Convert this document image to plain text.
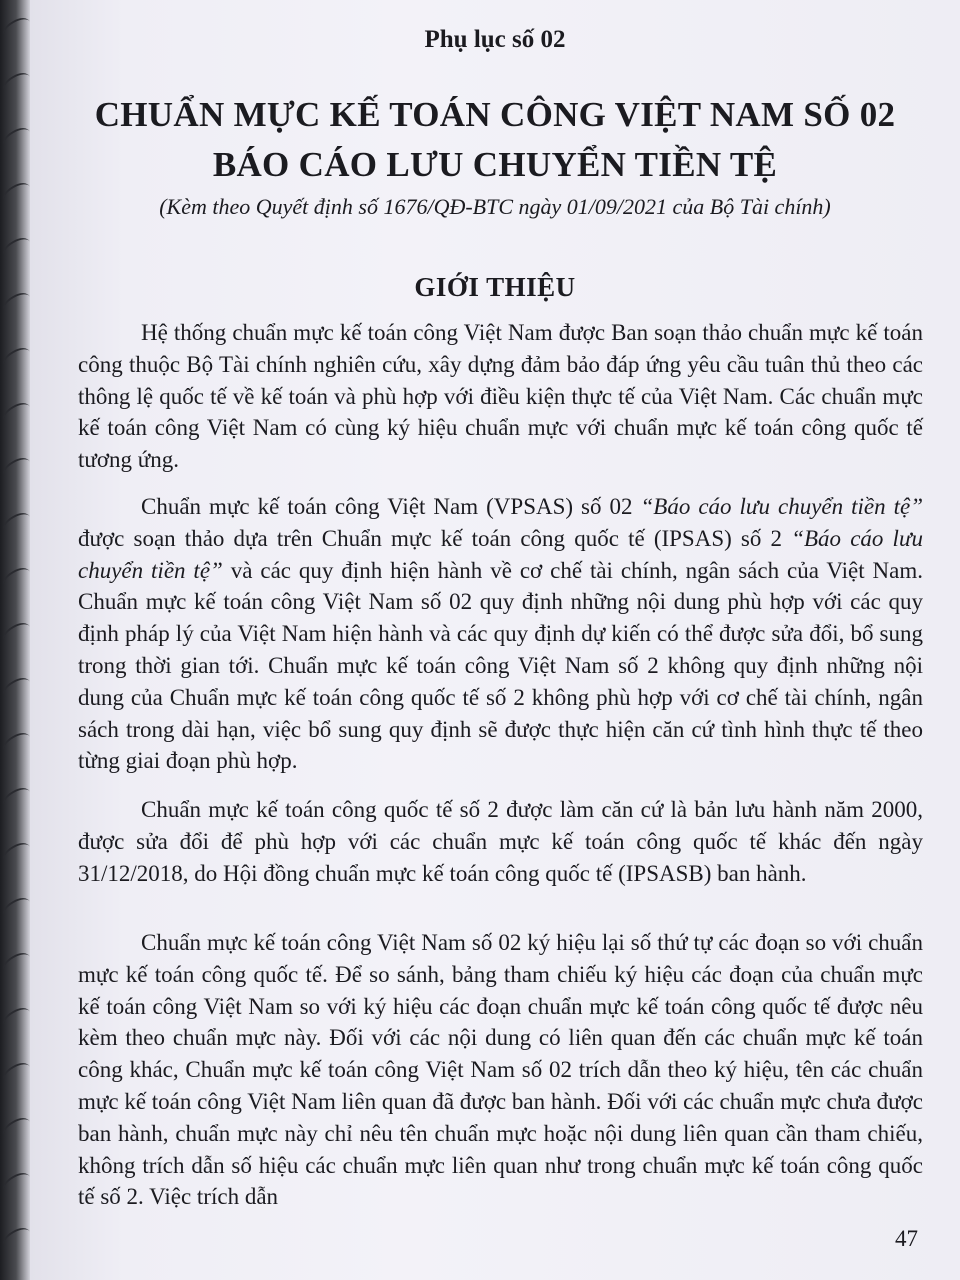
Phụ lục số 02
CHUẨN MỰC KẾ TOÁN CÔNG VIỆT NAM SỐ 02
BÁO CÁO LƯU CHUYỂN TIỀN TỆ
(Kèm theo Quyết định số 1676/QĐ-BTC ngày 01/09/2021 của Bộ Tài chính)
GIỚI THIỆU

Hệ thống chuẩn mực kế toán công Việt Nam được Ban soạn thảo chuẩn mực kế toán công thuộc Bộ Tài chính nghiên cứu, xây dựng đảm bảo đáp ứng yêu cầu tuân thủ theo các thông lệ quốc tế về kế toán và phù hợp với điều kiện thực tế của Việt Nam. Các chuẩn mực kế toán công Việt Nam có cùng ký hiệu chuẩn mực với chuẩn mực kế toán công quốc tế tương ứng.

Chuẩn mực kế toán công Việt Nam (VPSAS) số 02 “Báo cáo lưu chuyển tiền tệ” được soạn thảo dựa trên Chuẩn mực kế toán công quốc tế (IPSAS) số 2 “Báo cáo lưu chuyển tiền tệ” và các quy định hiện hành về cơ chế tài chính, ngân sách của Việt Nam. Chuẩn mực kế toán công Việt Nam số 02 quy định những nội dung phù hợp với các quy định pháp lý của Việt Nam hiện hành và các quy định dự kiến có thể được sửa đổi, bổ sung trong thời gian tới. Chuẩn mực kế toán công Việt Nam số 2 không quy định những nội dung của Chuẩn mực kế toán công quốc tế số 2 không phù hợp với cơ chế tài chính, ngân sách trong dài hạn, việc bổ sung quy định sẽ được thực hiện căn cứ tình hình thực tế theo từng giai đoạn phù hợp.

Chuẩn mực kế toán công quốc tế số 2 được làm căn cứ là bản lưu hành năm 2000, được sửa đổi để phù hợp với các chuẩn mực kế toán công quốc tế khác đến ngày 31/12/2018, do Hội đồng chuẩn mực kế toán công quốc tế (IPSASB) ban hành.

Chuẩn mực kế toán công Việt Nam số 02 ký hiệu lại số thứ tự các đoạn so với chuẩn mực kế toán công quốc tế. Để so sánh, bảng tham chiếu ký hiệu các đoạn của chuẩn mực kế toán công Việt Nam so với ký hiệu các đoạn chuẩn mực kế toán công quốc tế được nêu kèm theo chuẩn mực này. Đối với các nội dung có liên quan đến các chuẩn mực kế toán công khác, Chuẩn mực kế toán công Việt Nam số 02 trích dẫn theo ký hiệu, tên các chuẩn mực kế toán công Việt Nam liên quan đã được ban hành. Đối với các chuẩn mực chưa được ban hành, chuẩn mực này chỉ nêu tên chuẩn mực hoặc nội dung liên quan cần tham chiếu, không trích dẫn số hiệu các chuẩn mực liên quan như trong chuẩn mực kế toán công quốc tế số 2. Việc trích dẫn

47
